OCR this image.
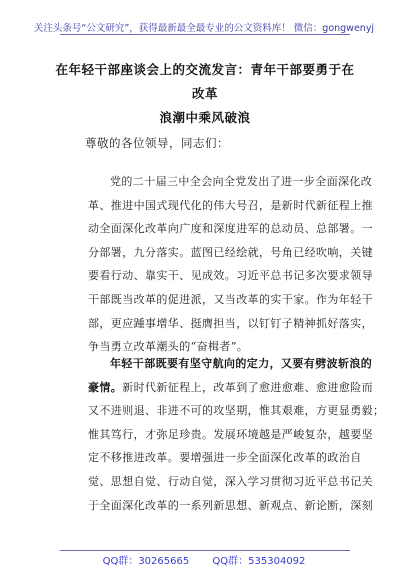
关注头条号“公文研究”，获得最新最全最专业的公文资料库！ 微信：gongwenyj
在年轻干部座谈会上的交流发言：青年干部要勇于在改革
浪潮中乘风破浪
尊敬的各位领导，同志们：
党的二十届三中全会向全党发出了进一步全面深化改
革、推进中国式现代化的伟大号召，是新时代新征程上推
动全面深化改革向广度和深度进军的总动员、总部署。一
分部署，九分落实。蓝图已经绘就，号角已经吹响，关键
要看行动、靠实干、见成效。习近平总书记多次要求领导
干部既当改革的促进派，又当改革的实干家。作为年轻干
部，更应踵事增华、挺膺担当，以钉钉子精神抓好落实，
争当勇立改革潮头的“奋楫者”。
年轻干部既要有坚守航向的定力，又要有劈波斩浪的
豪情。新时代新征程上，改革到了愈进愈难、愈进愈险而
又不进则退、非进不可的攻坚期，惟其艰难，方更显勇毅；
惟其笃行，才弥足珍贵。发展环境越是严峻复杂，越要坚
定不移推进改革。要增强进一步全面深化改革的政治自
觉、思想自觉、行动自觉，深入学习贯彻习近平总书记关
于全面深化改革的一系列新思想、新观点、新论断，深刻
QQ群：30265665 QQ群：535304092
